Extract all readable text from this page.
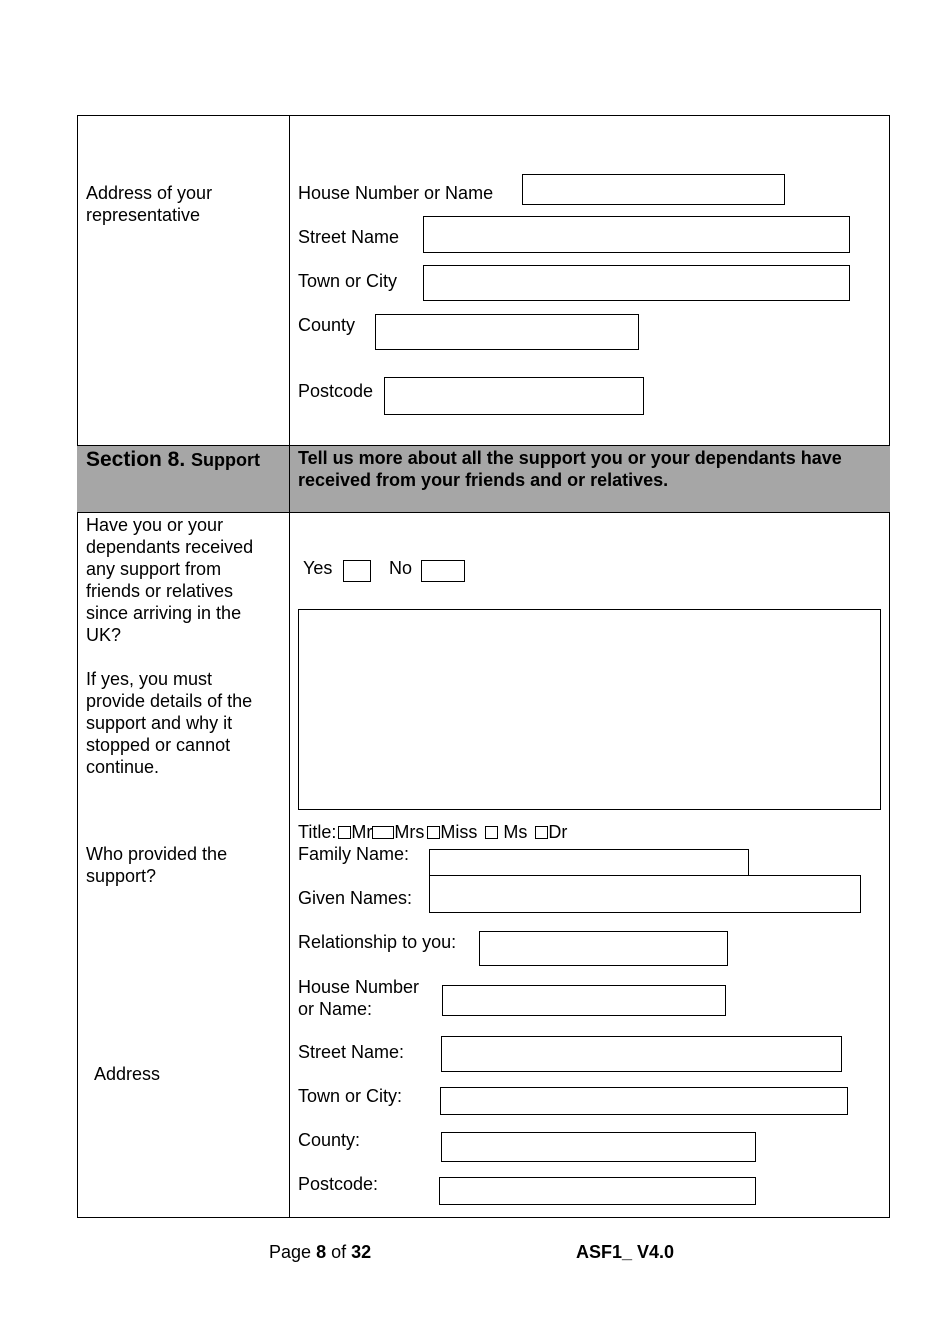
Section 8. Support Tell us more about all the support you or your dependants have
received from your friends and or relatives.
Address of your
representative
House Number or Name
Street Name
Town or City
County
Postcode
Have you or your
dependants received
any support from
friends or relatives
since arriving in the
UK?
If yes, you must
provide details of the
support and why it
stopped or cannot
continue.
Yes	No
Who provided the
support?
Title: Mr Mrs Miss Ms Dr
Family Name:
Given Names:
Relationship to you:
House Number
or Name:
Address
Street Name:
Town or City:
County:
Postcode:
Page 8 of 32	ASF1_ V4.0
